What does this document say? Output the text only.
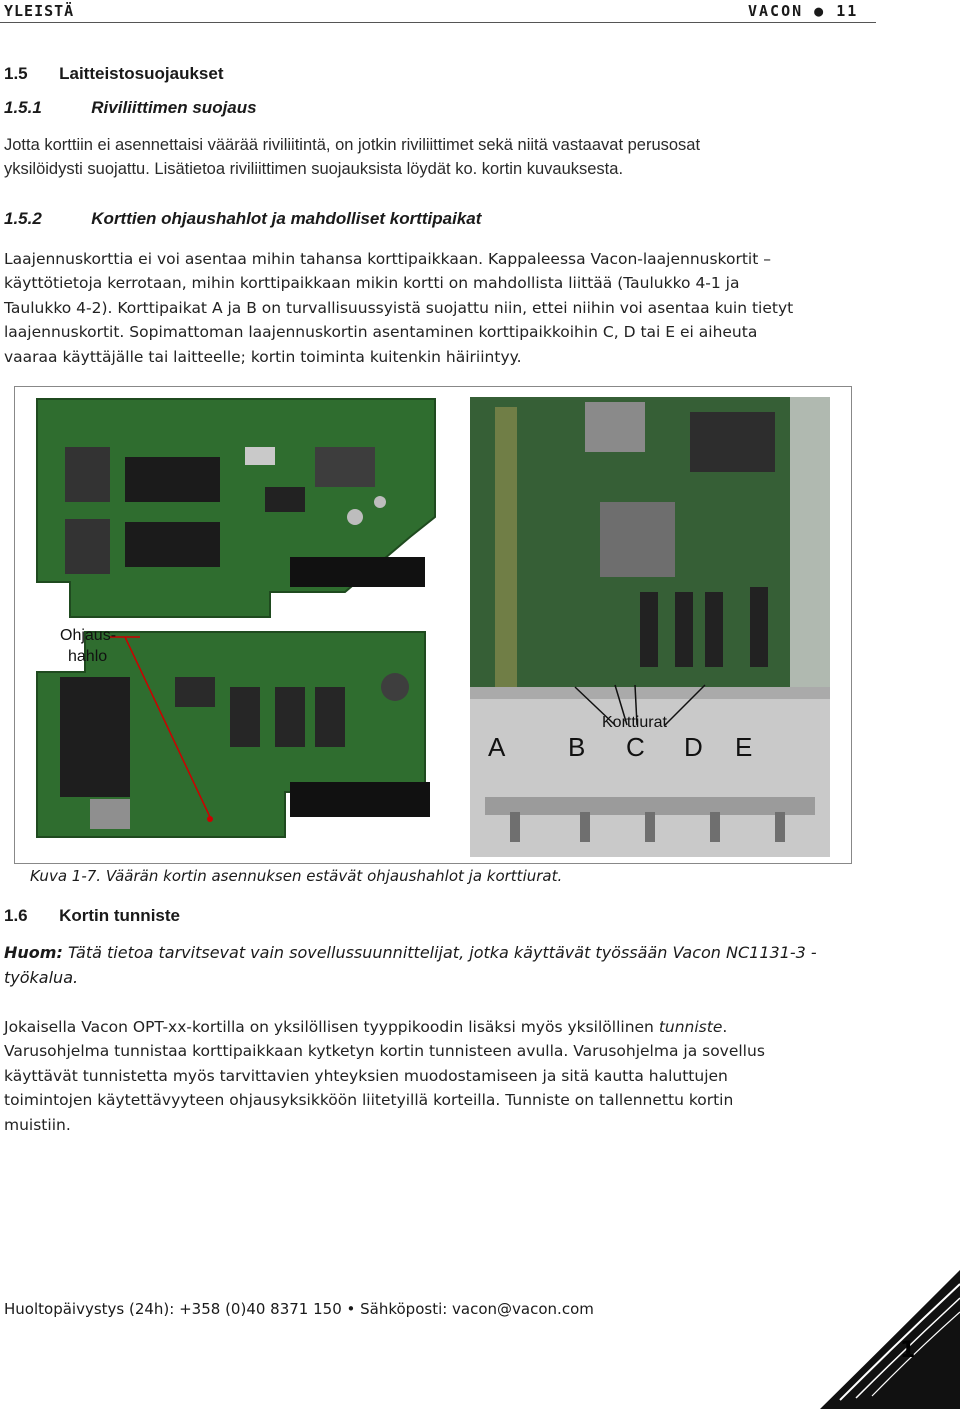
YLEISTÄ	VACON ● 11
1.5 Laitteistosuojaukset
1.5.1	Riviliittimen suojaus
Jotta korttiin ei asennettaisi väärää riviliitintä, on jotkin riviliittimet sekä niitä vastaavat perusosat
yksilöidysti suojattu. Lisätietoa riviliittimen suojauksista löydät ko. kortin kuvauksesta.
1.5.2	Korttien ohjaushahlot ja mahdolliset korttipaikat
Laajennuskorttia ei voi asentaa mihin tahansa korttipaikkaan. Kappaleessa Vacon-laajennuskortit –
käyttötietoja kerrotaan, mihin korttipaikkaan mikin kortti on mahdollista liittää (Taulukko 4-1 ja
Taulukko 4-2). Korttipaikat A ja B on turvallisuussyistä suojattu niin, ettei niihin voi asentaa kuin tietyt
laajennuskortit. Sopimattoman laajennuskortin asentaminen korttipaikkoihin C, D tai E ei aiheuta
vaaraa käyttäjälle tai laitteelle; kortin toiminta kuitenkin häiriintyy.
Ohjaus-
hahlo
Korttiurat
A B C D E
Kuva 1-7. Väärän kortin asennuksen estävät ohjaushahlot ja korttiurat.
1.6 Kortin tunniste
Huom: Tätä tietoa tarvitsevat vain sovellussuunnittelijat, jotka käyttävät työssään Vacon NC1131-3 -
työkalua.
Jokaisella Vacon OPT-xx-kortilla on yksilöllisen tyyppikoodin lisäksi myös yksilöllinen tunniste.
Varusohjelma tunnistaa korttipaikkaan kytketyn kortin tunnisteen avulla. Varusohjelma ja sovellus
käyttävät tunnistetta myös tarvittavien yhteyksien muodostamiseen ja sitä kautta haluttujen
toimintojen käytettävyyteen ohjausyksikköön liitetyillä korteilla. Tunniste on tallennettu kortin
muistiin.
Huoltopäivystys (24h): +358 (0)40 8371 150 • Sähköposti: vacon@vacon.com
1
